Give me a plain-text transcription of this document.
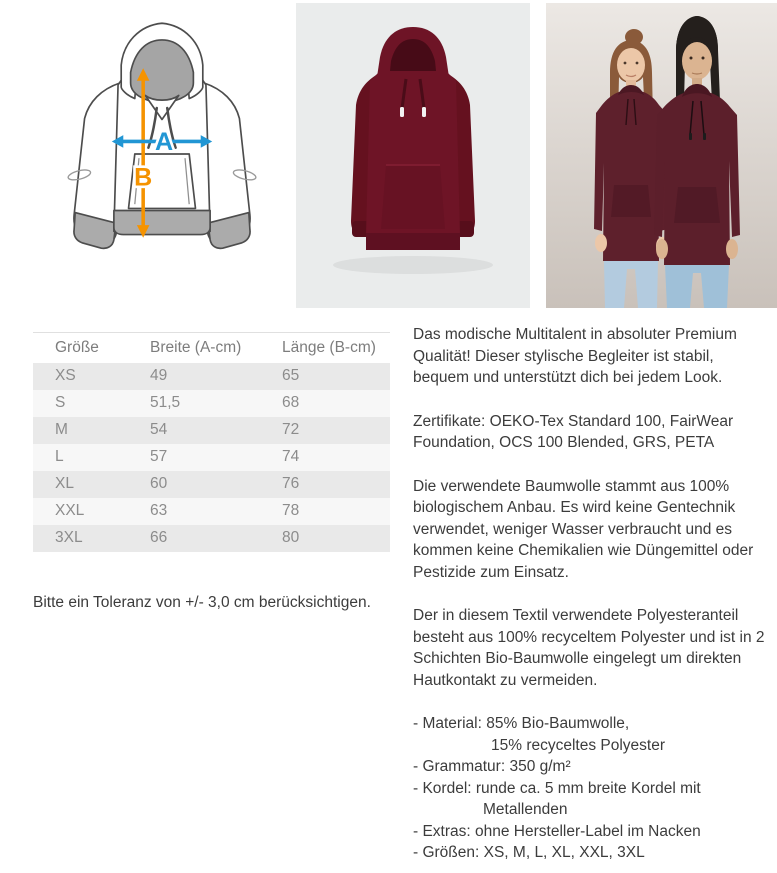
B
A
Größe	Breite (A-cm)	Länge (B-cm)
XS	49	65
S	51,5	68
M	54	72
L	57	74
XL	60	76
XXL	63	78
3XL	66	80
Bitte ein Toleranz von +/- 3,0 cm berücksichtigen.

Das modische Multitalent in absoluter Premium Qualität! Dieser stylische Begleiter ist stabil, bequem und unterstützt dich bei jedem Look.

Zertifikate: OEKO-Tex Standard 100, FairWear Foundation, OCS 100 Blended, GRS, PETA

Die verwendete Baumwolle stammt aus 100% biologischem Anbau. Es wird keine Gentechnik verwendet, weniger Wasser verbraucht und es kommen keine Chemikalien wie Düngemittel oder Pestizide zum Einsatz.

Der in diesem Textil verwendete Polyesteranteil besteht aus 100% recyceltem Polyester und ist in 2 Schichten Bio-Baumwolle eingelegt um direkten Hautkontakt zu vermeiden.

- Material: 85% Bio-Baumwolle,
15% recyceltes Polyester
- Grammatur: 350 g/m²
- Kordel: runde ca. 5 mm breite Kordel mit
Metallenden
- Extras: ohne Hersteller-Label im Nacken
- Größen: XS, M, L, XL, XXL, 3XL
